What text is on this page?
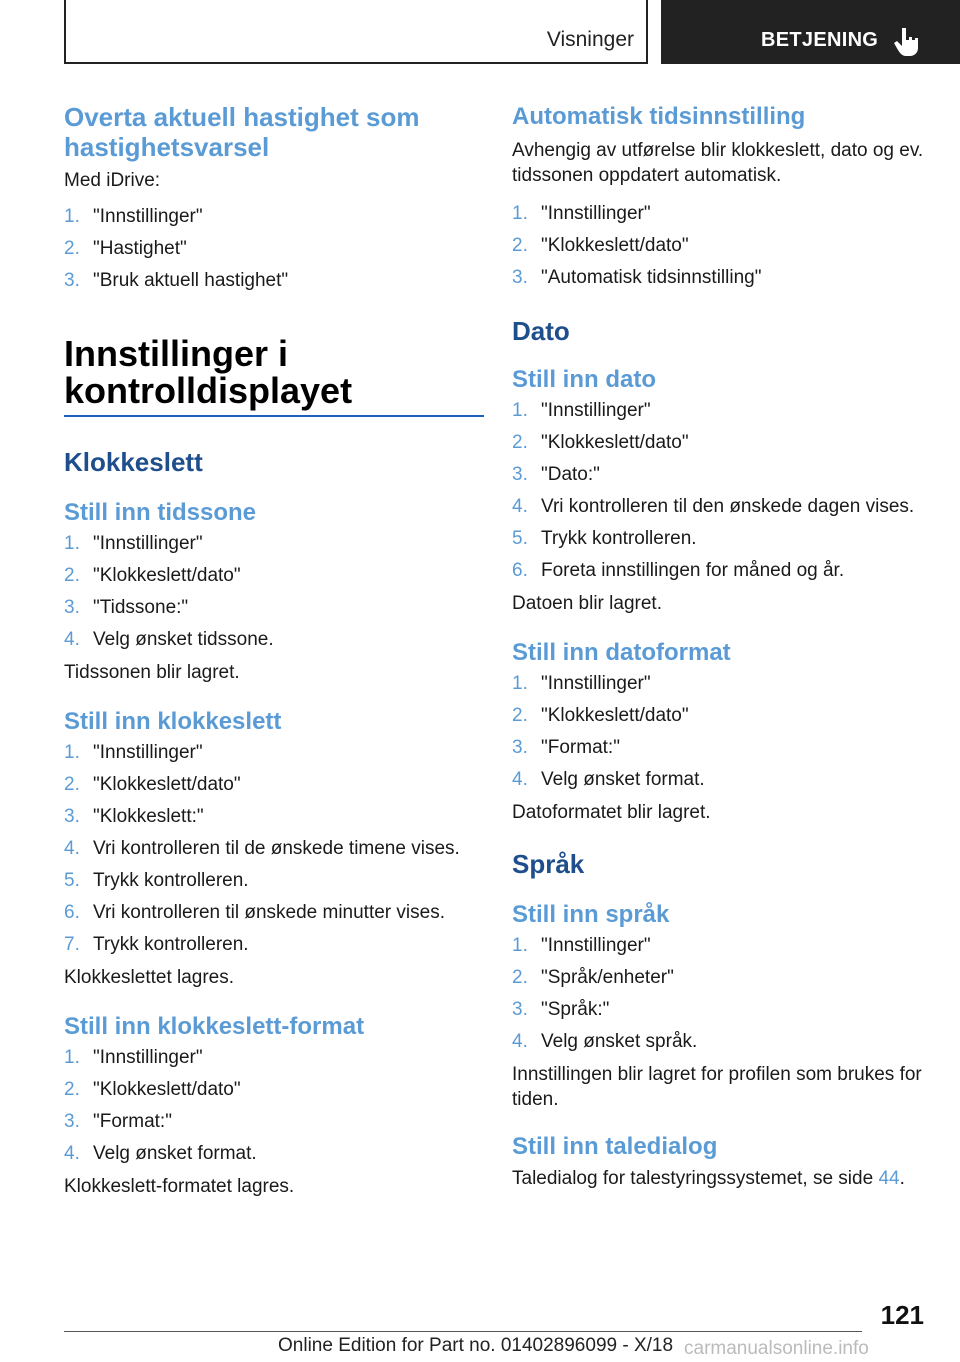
Visninger	BETJENING
Overta aktuell hastighet som hastighetsvarsel

Med iDrive:

1. "Innstillinger"
2. "Hastighet"
3. "Bruk aktuell hastighet"
Innstillinger i kontrolldisplayet
Klokkeslett
Still inn tidssone
1. "Innstillinger"
2. "Klokkeslett/dato"
3. "Tidssone:"
4. Velg ønsket tidssone.

Tidssonen blir lagret.

Still inn klokkeslett
1. "Innstillinger"
2. "Klokkeslett/dato"
3. "Klokkeslett:"
4. Vri kontrolleren til de ønskede timene vises.
5. Trykk kontrolleren.
6. Vri kontrolleren til ønskede minutter vises.
7. Trykk kontrolleren.

Klokkeslettet lagres.

Still inn klokkeslett-format
1. "Innstillinger"
2. "Klokkeslett/dato"
3. "Format:"
4. Velg ønsket format.

Klokkeslett-formatet lagres.

Automatisk tidsinnstilling

Avhengig av utførelse blir klokkeslett, dato og ev. tidssonen oppdatert automatisk.

1. "Innstillinger"
2. "Klokkeslett/dato"
3. "Automatisk tidsinnstilling"
Dato
Still inn dato
1. "Innstillinger"
2. "Klokkeslett/dato"
3. "Dato:"
4. Vri kontrolleren til den ønskede dagen vises.
5. Trykk kontrolleren.
6. Foreta innstillingen for måned og år.

Datoen blir lagret.

Still inn datoformat
1. "Innstillinger"
2. "Klokkeslett/dato"
3. "Format:"
4. Velg ønsket format.

Datoformatet blir lagret.

Språk
Still inn språk
1. "Innstillinger"
2. "Språk/enheter"
3. "Språk:"
4. Velg ønsket språk.

Innstillingen blir lagret for profilen som brukes for tiden.

Still inn taledialog

Taledialog for talestyringssystemet, se side 44.

121
Online Edition for Part no. 01402896099 - X/18 carmanualsonline.info
